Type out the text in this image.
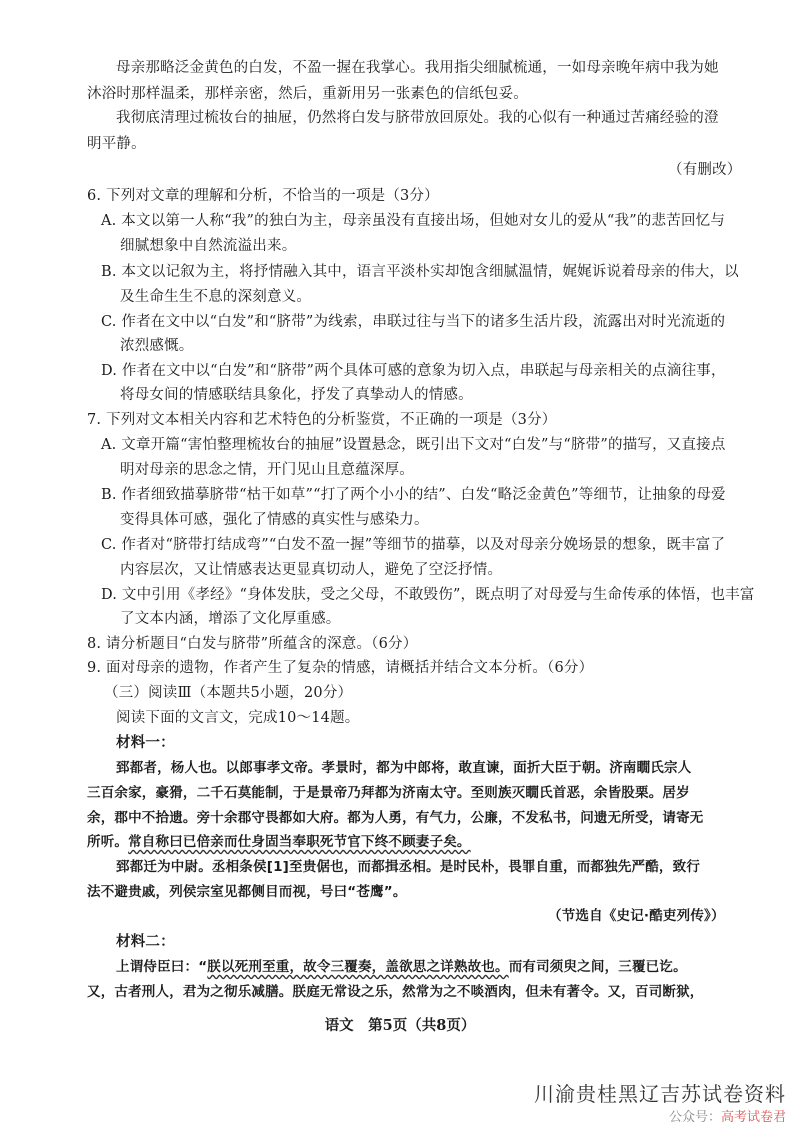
母亲那略泛金黄色的白发，不盈一握在我掌心。我用指尖细腻梳通，一如母亲晚年病中我为她
沐浴时那样温柔，那样亲密，然后，重新用另一张素色的信纸包妥。
我彻底清理过梳妆台的抽屉，仍然将白发与脐带放回原处。我的心似有一种通过苦痛经验的澄
明平静。
（有删改）
6. 下列对文章的理解和分析，不恰当的一项是（3分）
A. 本文以第一人称“我”的独白为主，母亲虽没有直接出场，但她对女儿的爱从“我”的悲苦回忆与
细腻想象中自然流溢出来。
B. 本文以记叙为主，将抒情融入其中，语言平淡朴实却饱含细腻温情，娓娓诉说着母亲的伟大，以
及生命生生不息的深刻意义。
C. 作者在文中以“白发”和“脐带”为线索，串联过往与当下的诸多生活片段，流露出对时光流逝的
浓烈感慨。
D. 作者在文中以“白发”和“脐带”两个具体可感的意象为切入点，串联起与母亲相关的点滴往事，
将母女间的情感联结具象化，抒发了真挚动人的情感。
7. 下列对文本相关内容和艺术特色的分析鉴赏，不正确的一项是（3分）
A. 文章开篇“害怕整理梳妆台的抽屉”设置悬念，既引出下文对“白发”与“脐带”的描写，又直接点
明对母亲的思念之情，开门见山且意蕴深厚。
B. 作者细致描摹脐带“枯干如草”“打了两个小小的结”、白发“略泛金黄色”等细节，让抽象的母爱
变得具体可感，强化了情感的真实性与感染力。
C. 作者对“脐带打结成弯”“白发不盈一握”等细节的描摹，以及对母亲分娩场景的想象，既丰富了
内容层次，又让情感表达更显真切动人，避免了空泛抒情。
D. 文中引用《孝经》“身体发肤，受之父母，不敢毁伤”，既点明了对母爱与生命传承的体悟，也丰富
了文本内涵，增添了文化厚重感。
8. 请分析题目“白发与脐带”所蕴含的深意。（6分）
9. 面对母亲的遗物，作者产生了复杂的情感，请概括并结合文本分析。（6分）
（三）阅读Ⅲ（本题共5小题，20分）
阅读下面的文言文，完成10～14题。
材料一：
郅都者，杨人也。以郎事孝文帝。孝景时，都为中郎将，敢直谏，面折大臣于朝。济南瞯氏宗人
三百余家，豪猾，二千石莫能制，于是景帝乃拜都为济南太守。至则族灭瞯氏首恶，余皆股栗。居岁
余，郡中不拾遗。旁十余郡守畏都如大府。都为人勇，有气力，公廉，不发私书，问遗无所受，请寄无
所听。常自称曰已倍亲而仕身固当奉职死节官下终不顾妻子矣。
郅都迁为中尉。丞相条侯[1]至贵倨也，而都揖丞相。是时民朴，畏罪自重，而都独先严酷，致行
法不避贵戚，列侯宗室见都侧目而视，号曰“苍鹰”。
（节选自《史记·酷吏列传》）
材料二：
上谓侍臣曰：“朕以死刑至重，故令三覆奏，盖欲思之详熟故也。而有司须臾之间，三覆已讫。
又，古者刑人，君为之彻乐减膳。朕庭无常设之乐，然常为之不啖酒肉，但未有著令。又，百司断狱，
语文　第5页（共8页）
川渝贵桂黑辽吉苏试卷资料
公众号：高考试卷君
